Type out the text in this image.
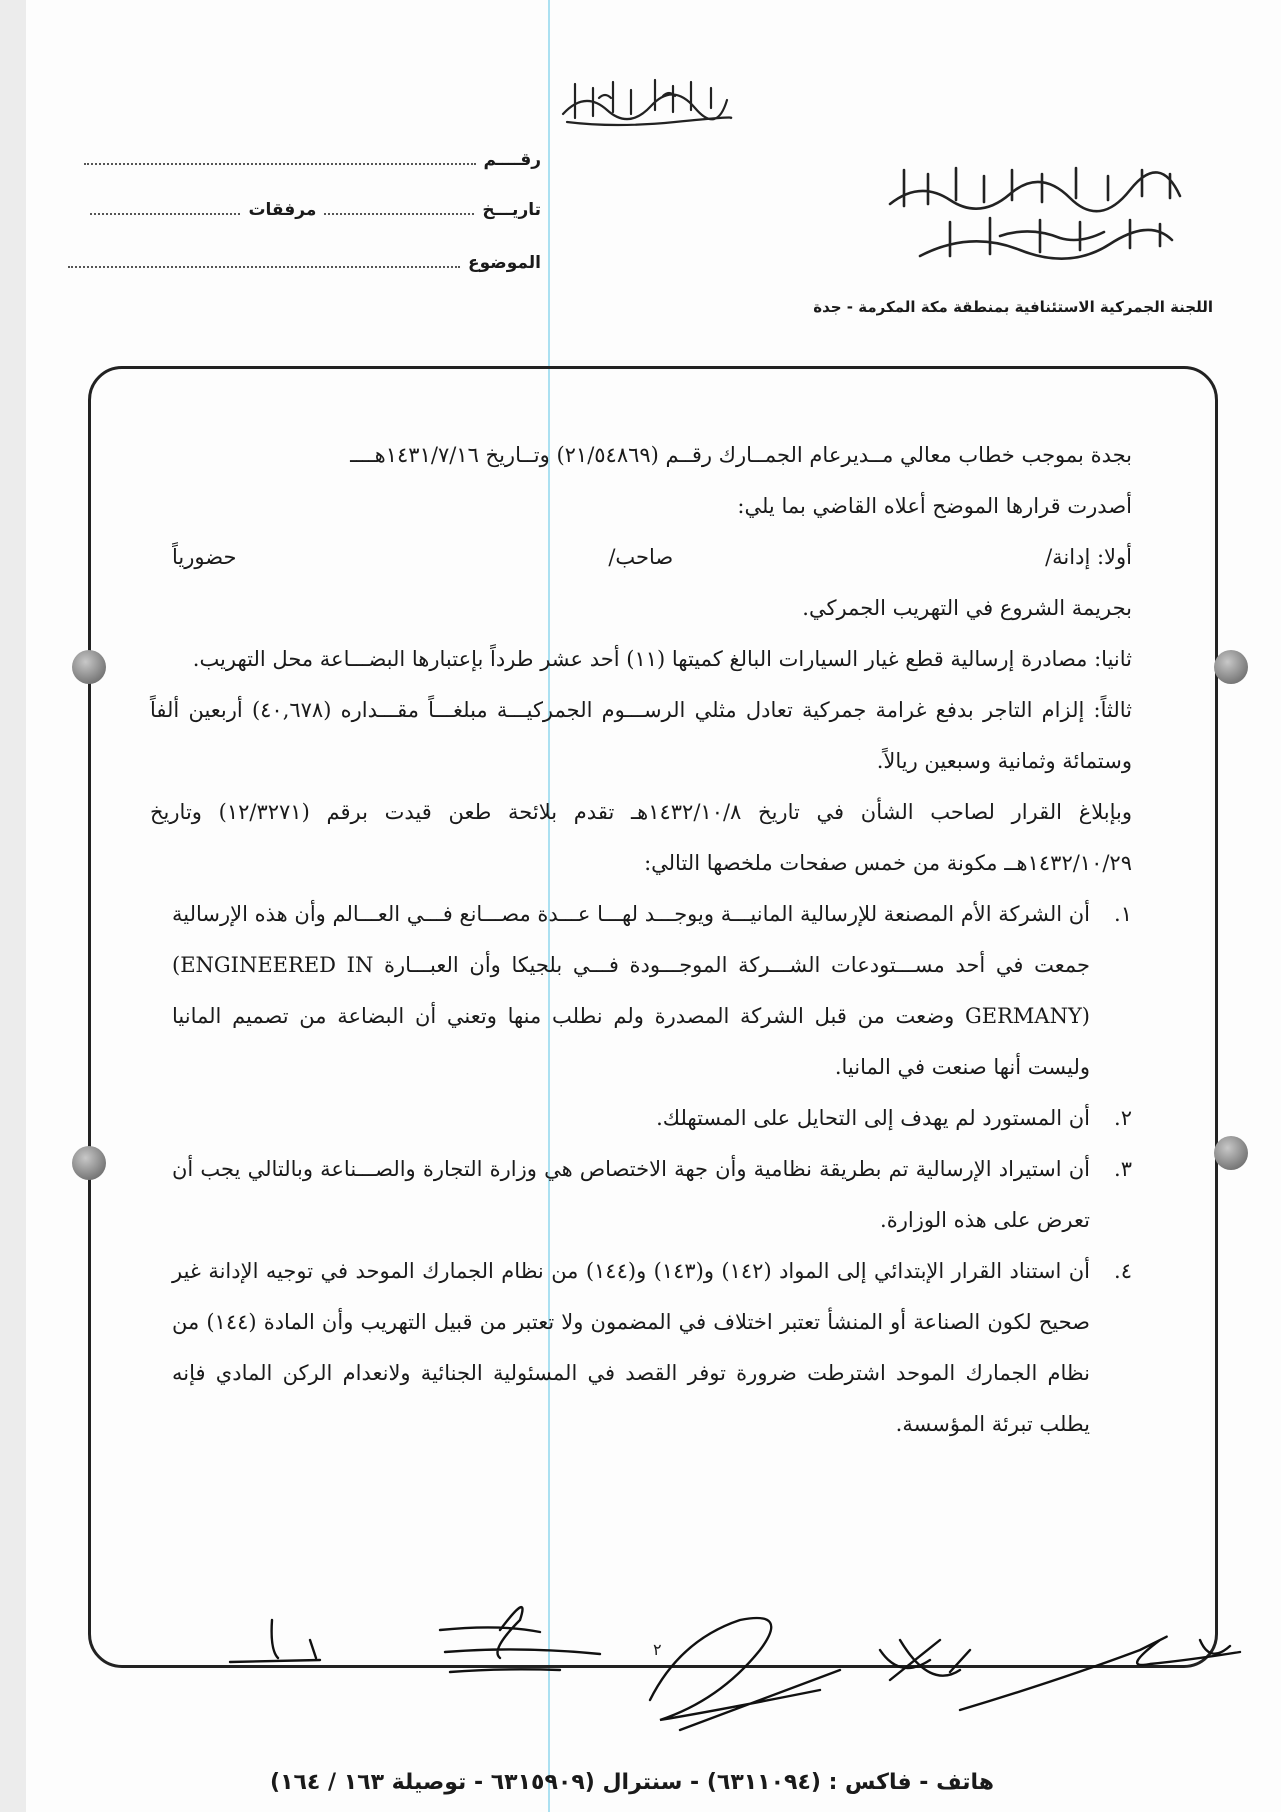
اللجنة الجمركية الاستئنافية بمنطقة مكة المكرمة - جدة
رقــــم
تاريـــخ
مرفقات
الموضوع

بجدة بموجب خطاب معالي مــديرعام الجمــارك رقــم (٢١/٥٤٨٦٩) وتــاريخ ١٤٣١/٧/١٦هــــ

أصدرت قرارها الموضح أعلاه القاضي بما يلي:

أولا: إدانة/
صاحب/
حضورياً

بجريمة الشروع في التهريب الجمركي.

ثانيا: مصادرة إرسالية قطع غيار السيارات البالغ كميتها (١١) أحد عشر طرداً بإعتبارها البضـــاعة محل التهريب.

ثالثاً: إلزام التاجر بدفع غرامة جمركية تعادل مثلي الرســـوم الجمركيـــة مبلغـــاً مقـــداره (٤٠,٦٧٨) أربعين ألفاً وستمائة وثمانية وسبعين ريالاً.

وبإبلاغ القرار لصاحب الشأن في تاريخ ١٤٣٢/١٠/٨هـ تقدم بلائحة طعن قيدت برقم (١٢/٣٢٧١) وتاريخ ١٤٣٢/١٠/٢٩هــ مكونة من خمس صفحات ملخصها التالي:

١.
أن الشركة الأم المصنعة للإرسالية المانيـــة ويوجـــد لهـــا عـــدة مصـــانع فـــي العـــالم وأن هذه الإرسالية جمعت في أحد مســـتودعات الشـــركة الموجـــودة فـــي بلجيكا وأن العبـــارة (ENGINEERED IN GERMANY) وضعت من قبل الشركة المصدرة ولم نطلب منها وتعني أن البضاعة من تصميم المانيا وليست أنها صنعت في المانيا.
٢.
أن المستورد لم يهدف إلى التحايل على المستهلك.
٣.
أن استيراد الإرسالية تم بطريقة نظامية وأن جهة الاختصاص هي وزارة التجارة والصـــناعة وبالتالي يجب أن تعرض على هذه الوزارة.
٤.
أن استناد القرار الإبتدائي إلى المواد (١٤٢) و(١٤٣) و(١٤٤) من نظام الجمارك الموحد في توجيه الإدانة غير صحيح لكون الصناعة أو المنشأ تعتبر اختلاف في المضمون ولا تعتبر من قبيل التهريب وأن المادة (١٤٤) من نظام الجمارك الموحد اشترطت ضرورة توفر القصد في المسئولية الجنائية ولانعدام الركن المادي فإنه يطلب تبرئة المؤسسة.
٢
هاتف - فاكس : (٦٣١١٠٩٤) - سنترال (٦٣١٥٩٠٩ - توصيلة ١٦٣ / ١٦٤)
